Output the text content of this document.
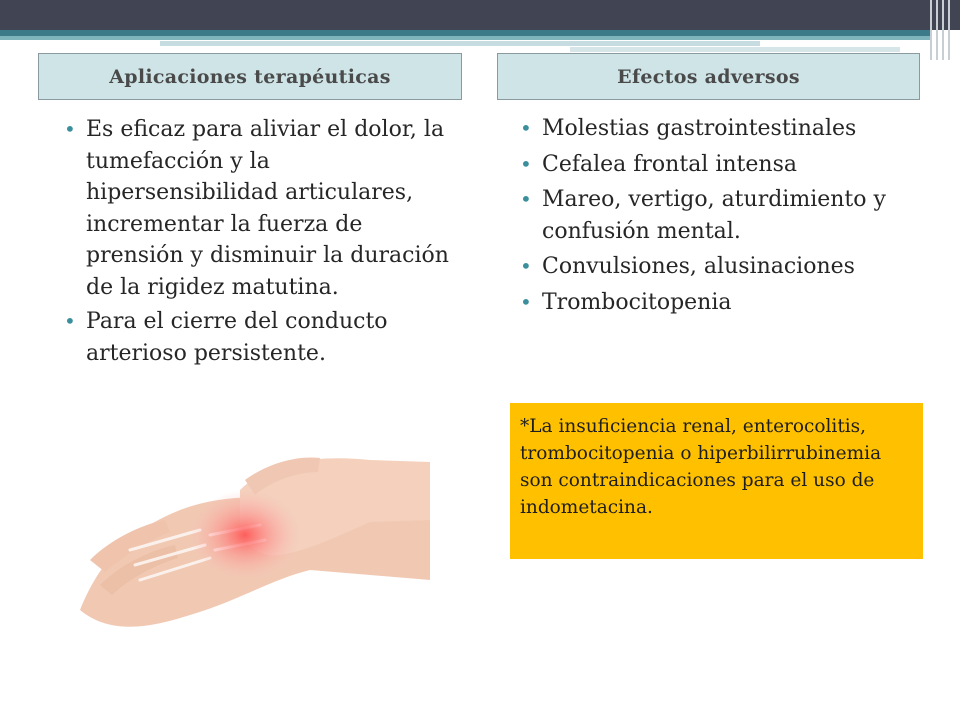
Aplicaciones terapéuticas	Efectos adversos
• Es eficaz para aliviar el dolor, la tumefacción y la hipersensibilidad articulares, incrementar la fuerza de prensión y disminuir la duración de la rigidez matutina.
• Para el cierre del conducto arterioso persistente.
• Molestias gastrointestinales
• Cefalea frontal intensa
• Mareo, vertigo, aturdimiento y confusión mental.
• Convulsiones, alusinaciones
• Trombocitopenia
*La insuficiencia renal, enterocolitis, trombocitopenia o hiperbilirrubinemia son contraindicaciones para el uso de indometacina.
